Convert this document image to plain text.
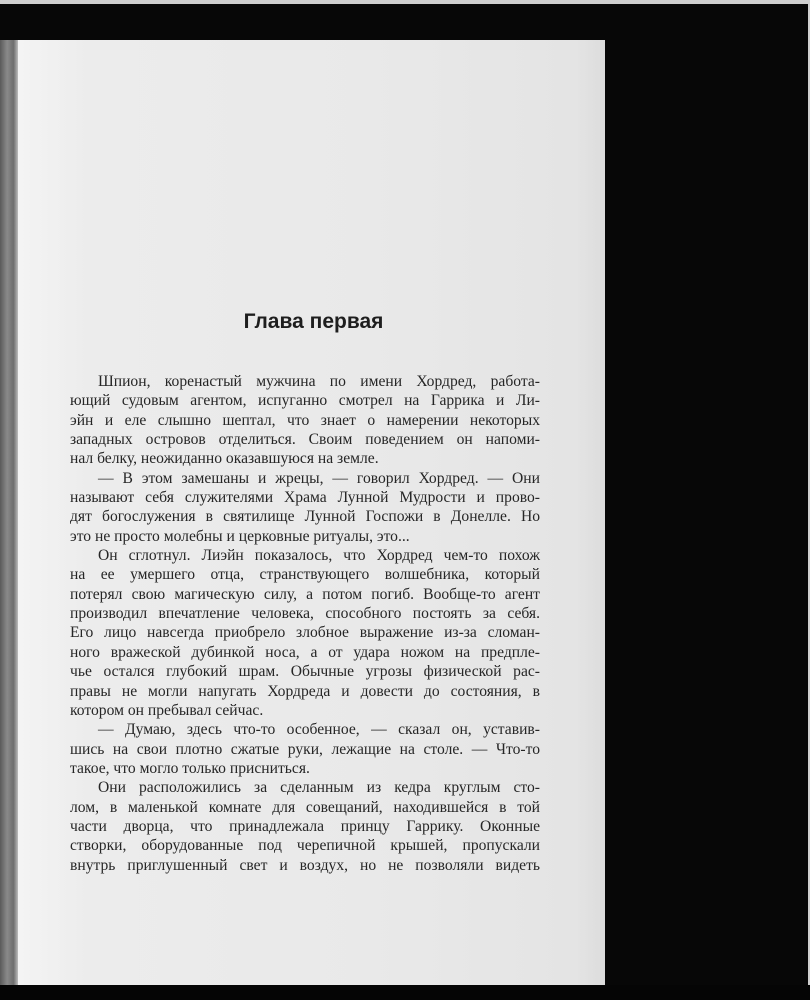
Глава первая

Шпион, коренастый мужчина по имени Хордред, работа-
ющий судовым агентом, испуганно смотрел на Гаррика и Ли-
эйн и еле слышно шептал, что знает о намерении некоторых
западных островов отделиться. Своим поведением он напоми-
нал белку, неожиданно оказавшуюся на земле.

— В этом замешаны и жрецы, — говорил Хордред. — Они
называют себя служителями Храма Лунной Мудрости и прово-
дят богослужения в святилище Лунной Госпожи в Донелле. Но
это не просто молебны и церковные ритуалы, это...

Он сглотнул. Лиэйн показалось, что Хордред чем-то похож
на ее умершего отца, странствующего волшебника, который
потерял свою магическую силу, а потом погиб. Вообще-то агент
производил впечатление человека, способного постоять за себя.
Его лицо навсегда приобрело злобное выражение из-за сломан-
ного вражеской дубинкой носа, а от удара ножом на предпле-
чье остался глубокий шрам. Обычные угрозы физической рас-
правы не могли напугать Хордреда и довести до состояния, в
котором он пребывал сейчас.

— Думаю, здесь что-то особенное, — сказал он, уставив-
шись на свои плотно сжатые руки, лежащие на столе. — Что-то
такое, что могло только присниться.

Они расположились за сделанным из кедра круглым сто-
лом, в маленькой комнате для совещаний, находившейся в той
части дворца, что принадлежала принцу Гаррику. Оконные
створки, оборудованные под черепичной крышей, пропускали
внутрь приглушенный свет и воздух, но не позволяли видеть
